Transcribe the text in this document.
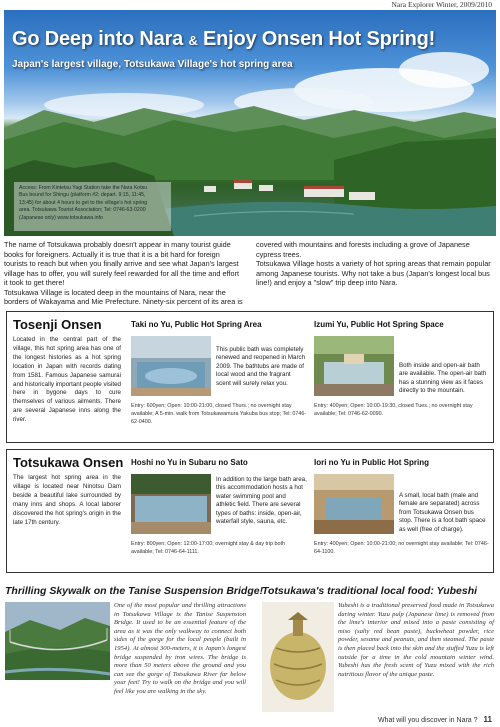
Nara Explorer Winter, 2009/2010
Go Deep into Nara & Enjoy Onsen Hot Spring!
Japan's largest village, Totsukawa Village's hot spring area
Access: From Kintetsu Yagi Station take the Nara Kotsu
Bus bound for Shingu (platform #2; depart. 9:15, 11:45,
13:45) for about 4 hours to get to the village's hot spring
area. Totsukawa Tourist Association; Tel: 0746-63-0200
(Japanese only) www.totsukawa.info

The name of Totsukawa probably doesn't appear in many tourist guide books for foreigners. Actually it is true that it is a bit hard for foreign tourists to reach but when you finally arrive and see what Japan's largest village has to offer, you will surely feel rewarded for all the time and effort it took to get there!

Totsukawa Village is located deep in the mountains of Nara, near the borders of Wakayama and Mie Prefecture. Ninety-six percent of its area is covered with mountains and forests including a grove of Japanese cypress trees.

Totsukawa Village hosts a variety of hot spring areas that remain popular among Japanese tourists. Why not take a bus (Japan's longest local bus line!) and enjoy a "slow" trip deep into Nara.

Tosenji Onsen
Located in the central part of the village, this hot spring area has one of the longest histories as a hot spring location in Japan with records dating from 1581. Famous Japanese samurai and historically important people visited here in bygone days to cure themselves of various ailments. There are several Japanese inns along the river.
Taki no Yu, Public Hot Spring Area
This public bath was completely renewed and reopened in March 2009. The bathtubs are made of local wood and the fragrant scent will surely relax you.
Entry: 600yen; Open: 10:00-21:00, closed Thurs.; no overnight stay available; A 5-min. walk from Totsukawamura Yakuba bus stop; Tel: 0746-62-0400.
Izumi Yu, Public Hot Spring Space
Both inside and open-air bath are available. The open-air bath has a stunning view as it faces directly to the mountain.
Entry: 400yen; Open: 10:00-19:30, closed Tues.; no overnight stay available; Tel: 0746-62-0090.
Totsukawa Onsen
The largest hot spring area in the village is located near Ninotsu Dam beside a beautiful lake surrounded by many inns and shops. A local laborer discovered the hot spring's origin in the late 17th century.
Hoshi no Yu in Subaru no Sato
In addition to the large bath area, this accommodation hosts a hot water swimming pool and athletic field. There are several types of baths: inside, open-air, waterfall style, sauna, etc.
Entry: 800yen; Open: 12:00-17:00; overnight stay & day trip both available; Tel: 0746-64-1111.
Iori no Yu in Public Hot Spring
A small, local bath (male and female are separated) across from Totsukawa Onsen bus stop. There is a foot bath space as well (free of charge).
Entry: 400yen; Open: 10:00-21:00; no overnight stay available; Tel: 0746-64-1100.
Thrilling Skywalk on the Tanise Suspension Bridge!
One of the most popular and thrilling attractions in Totsukawa Village is the Tanise Suspension Bridge. It used to be an essential feature of the area as it was the only walkway to connect both sides of the gorge for the local people (built in 1954). At almost 300-meters, it is Japan's longest bridge suspended by iron wires. The bridge is more than 50 meters above the ground and you can see the gorge of Totsukawa River far below your feet! Try to walk on the bridge and you will feel like you are walking in the sky.
Totsukawa's traditional local food: Yubeshi
Yubeshi is a traditional preserved food made in Totsukawa during winter. Yuzu pulp (Japanese lime) is removed from the lime's interior and mixed into a paste consisting of miso (salty red bean paste), buckwheat powder, rice powder, sesame and peanuts, and then steamed. The paste is then placed back into the skin and the stuffed Yuzu is left outside for a time in the cold mountain winter wind. Yubeshi has the fresh scent of Yuzu mixed with the rich nutritious flavor of the unique paste.
What will you discover in Nara ? 11
